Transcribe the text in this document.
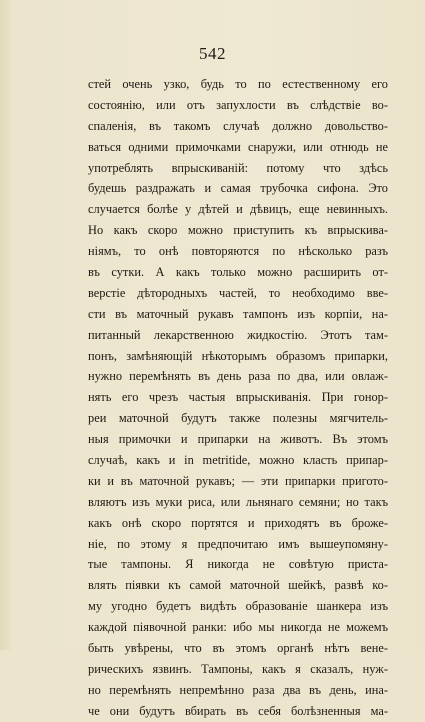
542
стей очень узко, будь то по естественному его
состоянію, или отъ запухлости въ слѣдствіе во-
спаленія, въ такомъ случаѣ должно довольство-
ваться одними примочками снаружи, или отнюдь не
употреблять впрыскиваній: потому что здѣсь
будешь раздражать и самая трубочка сифона. Это
случается болѣе у дѣтей и дѣвицъ, еще невинныхъ.
Но какъ скоро можно приступить къ впрыскива-
ніямъ, то онѣ повторяются по нѣсколько разъ
въ сутки. А какъ только можно расширить от-
верстіе дѣтородныхъ частей, то необходимо вве-
сти въ маточный рукавъ тампонъ изъ корпіи, на-
питанный лекарственною жидкостію. Этотъ там-
понъ, замѣняющій нѣкоторымъ образомъ припарки,
нужно перемѣнять въ день раза по два, или овлаж-
нять его чрезъ частыя впрыскиванія. При гонор-
реи маточной будутъ также полезны мягчитель-
ныя примочки и припарки на животъ. Въ этомъ
случаѣ, какъ и in metritide, можно класть припар-
ки и въ маточной рукавъ; — эти припарки пригото-
вляютъ изъ муки риса, или льнянаго семяни; но такъ
какъ онѣ скоро портятся и приходятъ въ броже-
ніе, по этому я предпочитаю имъ вышеупомяну-
тые тампоны. Я никогда не совѣтую приста-
влять піявки къ самой маточной шейкѣ, развѣ ко-
му угодно будетъ видѣть образованіе шанкера изъ
каждой піявочной ранки: ибо мы никогда не можемъ
быть увѣрены, что въ этомъ органѣ нѣтъ вене-
рическихъ язвинъ. Тампоны, какъ я сказалъ, нуж-
но перемѣнять непремѣнно раза два въ день, ина-
че они будутъ вбирать въ себя болѣзненныя ма-
